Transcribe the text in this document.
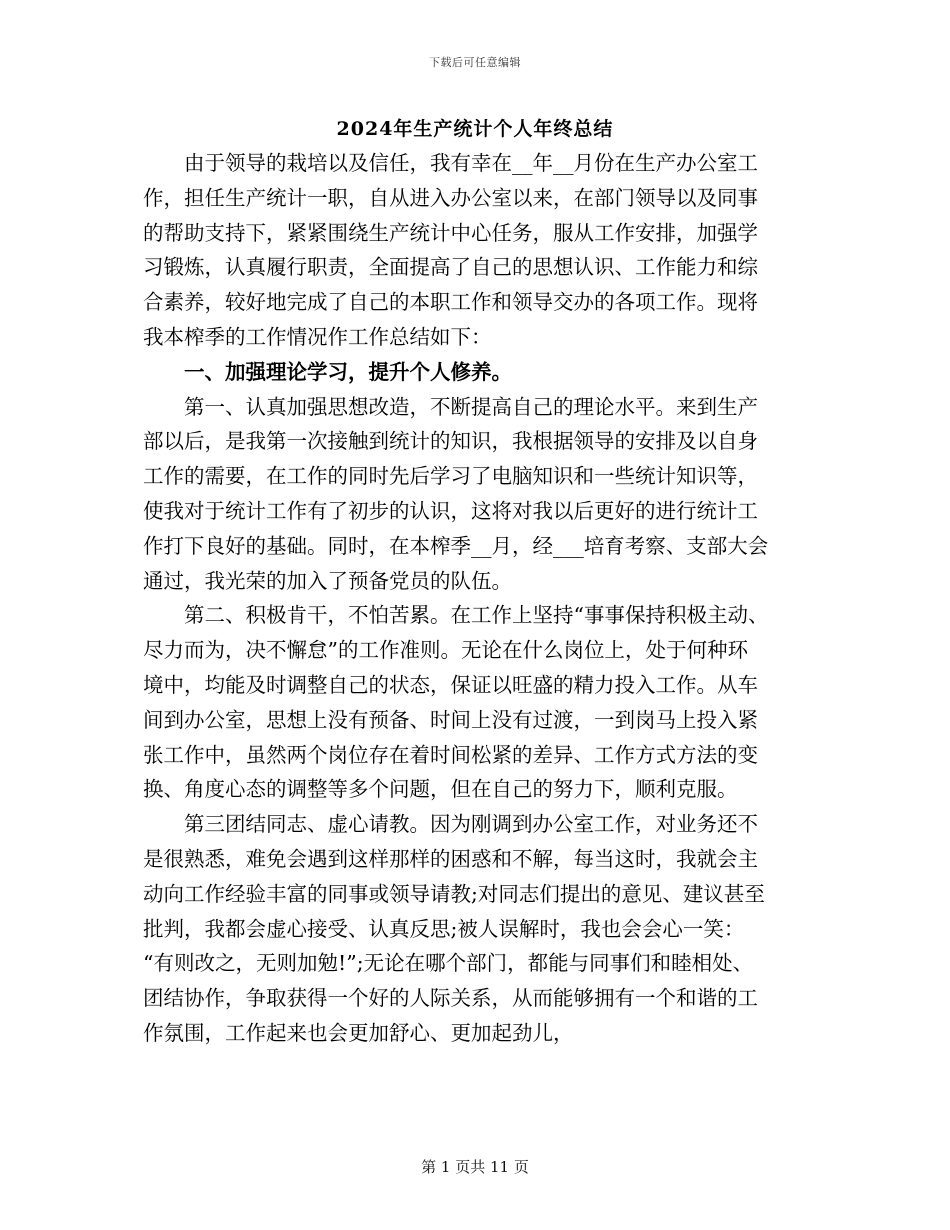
下载后可任意编辑
2024年生产统计个人年终总结
　　由于领导的栽培以及信任，我有幸在__年__月份在生产办公室工
作，担任生产统计一职，自从进入办公室以来，在部门领导以及同事
的帮助支持下，紧紧围绕生产统计中心任务，服从工作安排，加强学
习锻炼，认真履行职责，全面提高了自己的思想认识、工作能力和综
合素养，较好地完成了自己的本职工作和领导交办的各项工作。现将
我本榨季的工作情况作工作总结如下：
　　一、加强理论学习，提升个人修养。
　　第一、认真加强思想改造，不断提高自己的理论水平。来到生产
部以后，是我第一次接触到统计的知识，我根据领导的安排及以自身
工作的需要，在工作的同时先后学习了电脑知识和一些统计知识等，
使我对于统计工作有了初步的认识，这将对我以后更好的进行统计工
作打下良好的基础。同时，在本榨季__月，经___培育考察、支部大会
通过，我光荣的加入了预备党员的队伍。
　　第二、积极肯干，不怕苦累。在工作上坚持“事事保持积极主动、
尽力而为，决不懈怠”的工作准则。无论在什么岗位上，处于何种环
境中，均能及时调整自己的状态，保证以旺盛的精力投入工作。从车
间到办公室，思想上没有预备、时间上没有过渡，一到岗马上投入紧
张工作中，虽然两个岗位存在着时间松紧的差异、工作方式方法的变
换、角度心态的调整等多个问题，但在自己的努力下，顺利克服。
　　第三团结同志、虚心请教。因为刚调到办公室工作，对业务还不
是很熟悉，难免会遇到这样那样的困惑和不解，每当这时，我就会主
动向工作经验丰富的同事或领导请教;对同志们提出的意见、建议甚至
批判，我都会虚心接受、认真反思;被人误解时，我也会会心一笑：
“有则改之，无则加勉!”;无论在哪个部门，都能与同事们和睦相处、
团结协作，争取获得一个好的人际关系，从而能够拥有一个和谐的工
作氛围，工作起来也会更加舒心、更加起劲儿，
第 1 页共 11 页
